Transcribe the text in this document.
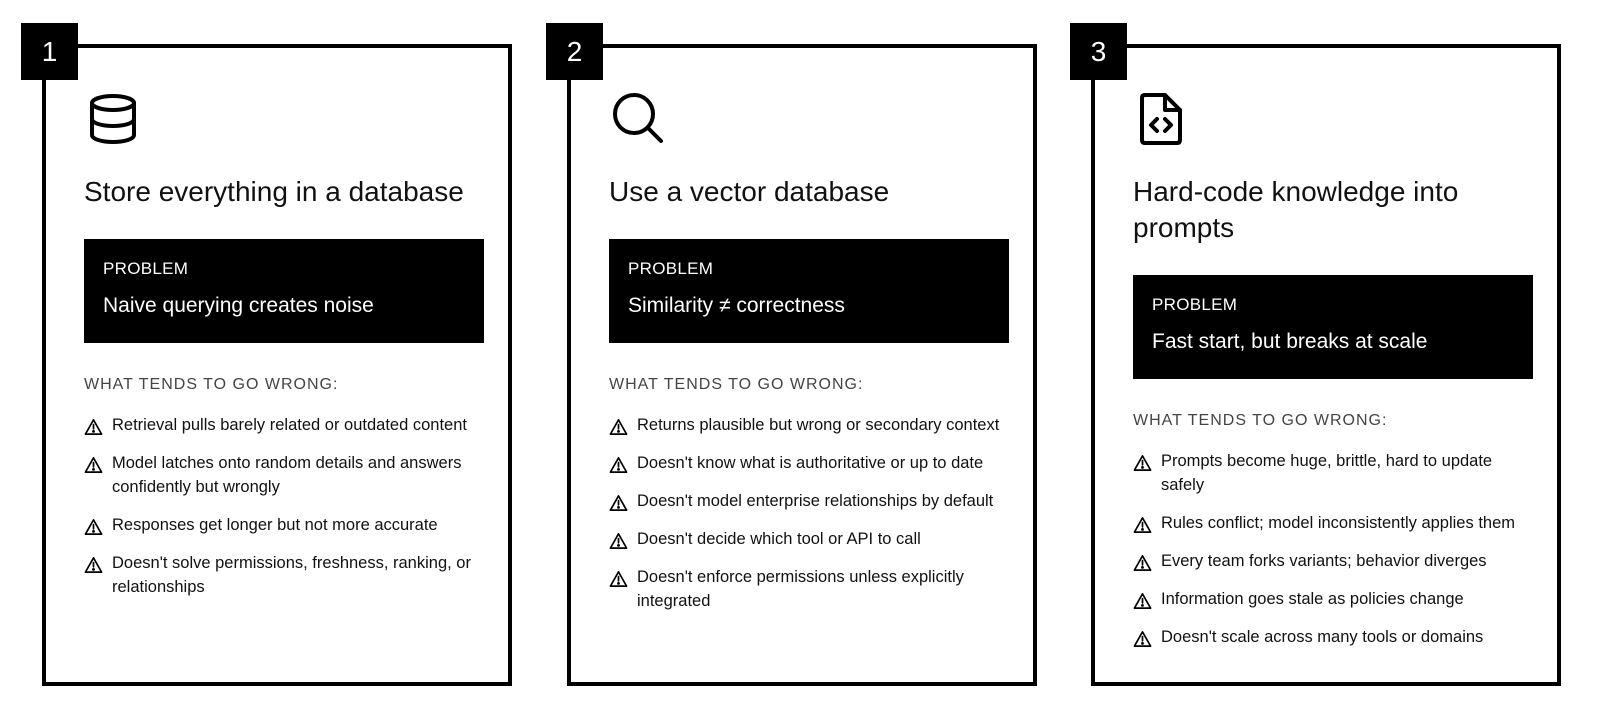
1
Store everything in a database
PROBLEM
Naive querying creates noise
WHAT TENDS TO GO WRONG:
Retrieval pulls barely related or outdated content
Model latches onto random details and answers confidently but wrongly
Responses get longer but not more accurate
Doesn't solve permissions, freshness, ranking, or relationships
2
Use a vector database
PROBLEM
Similarity ≠ correctness
WHAT TENDS TO GO WRONG:
Returns plausible but wrong or secondary context
Doesn't know what is authoritative or up to date
Doesn't model enterprise relationships by default
Doesn't decide which tool or API to call
Doesn't enforce permissions unless explicitly integrated
3
Hard-code knowledge into prompts
PROBLEM
Fast start, but breaks at scale
WHAT TENDS TO GO WRONG:
Prompts become huge, brittle, hard to update safely
Rules conflict; model inconsistently applies them
Every team forks variants; behavior diverges
Information goes stale as policies change
Doesn't scale across many tools or domains
